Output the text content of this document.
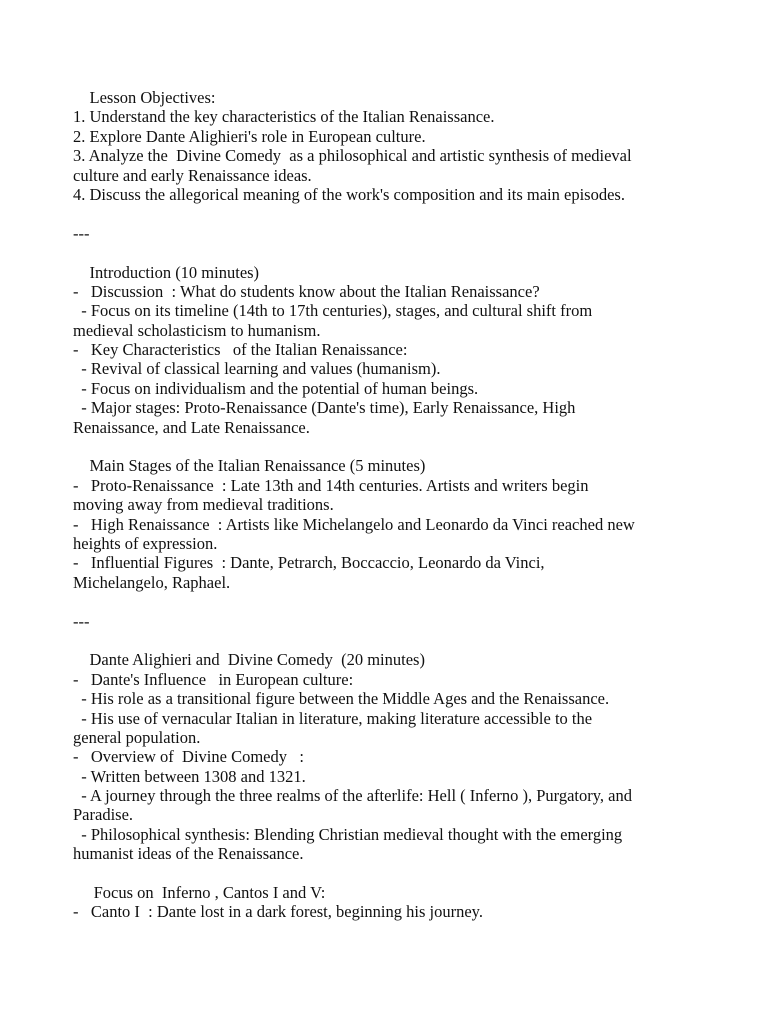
Lesson Objectives:
1. Understand the key characteristics of the Italian Renaissance.
2. Explore Dante Alighieri's role in European culture.
3. Analyze the  Divine Comedy  as a philosophical and artistic synthesis of medieval
culture and early Renaissance ideas.
4. Discuss the allegorical meaning of the work's composition and its main episodes.
---
Introduction (10 minutes)
-   Discussion  : What do students know about the Italian Renaissance?
- Focus on its timeline (14th to 17th centuries), stages, and cultural shift from
medieval scholasticism to humanism.
-   Key Characteristics   of the Italian Renaissance:
- Revival of classical learning and values (humanism).
- Focus on individualism and the potential of human beings.
- Major stages: Proto-Renaissance (Dante's time), Early Renaissance, High
Renaissance, and Late Renaissance.
Main Stages of the Italian Renaissance (5 minutes)
-   Proto-Renaissance  : Late 13th and 14th centuries. Artists and writers begin
moving away from medieval traditions.
-   High Renaissance  : Artists like Michelangelo and Leonardo da Vinci reached new
heights of expression.
-   Influential Figures  : Dante, Petrarch, Boccaccio, Leonardo da Vinci,
Michelangelo, Raphael.
---
Dante Alighieri and  Divine Comedy  (20 minutes)
-   Dante's Influence   in European culture:
- His role as a transitional figure between the Middle Ages and the Renaissance.
- His use of vernacular Italian in literature, making literature accessible to the
general population.
-   Overview of  Divine Comedy   :
- Written between 1308 and 1321.
- A journey through the three realms of the afterlife: Hell ( Inferno ), Purgatory, and
Paradise.
- Philosophical synthesis: Blending Christian medieval thought with the emerging
humanist ideas of the Renaissance.
Focus on  Inferno , Cantos I and V:
-   Canto I  : Dante lost in a dark forest, beginning his journey.
